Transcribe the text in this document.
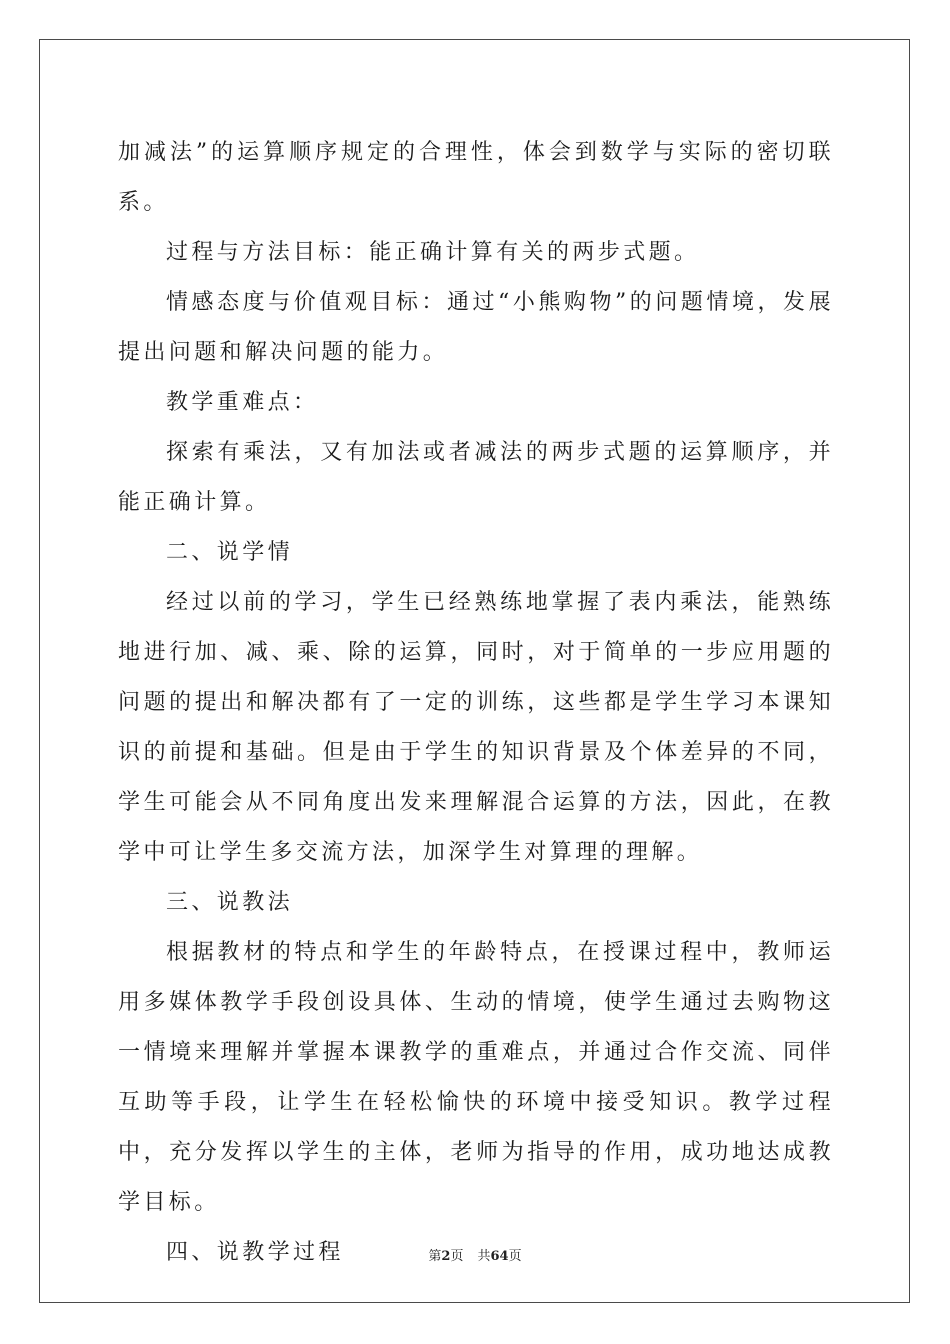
加减法”的运算顺序规定的合理性，体会到数学与实际的密切联系。

过程与方法目标：能正确计算有关的两步式题。

情感态度与价值观目标：通过“小熊购物”的问题情境，发展提出问题和解决问题的能力。

教学重难点：

探索有乘法，又有加法或者减法的两步式题的运算顺序，并能正确计算。

二、说学情

经过以前的学习，学生已经熟练地掌握了表内乘法，能熟练地进行加、减、乘、除的运算，同时，对于简单的一步应用题的问题的提出和解决都有了一定的训练，这些都是学生学习本课知识的前提和基础。但是由于学生的知识背景及个体差异的不同，学生可能会从不同角度出发来理解混合运算的方法，因此，在教学中可让学生多交流方法，加深学生对算理的理解。

三、说教法

根据教材的特点和学生的年龄特点，在授课过程中，教师运用多媒体教学手段创设具体、生动的情境，使学生通过去购物这一情境来理解并掌握本课教学的重难点，并通过合作交流、同伴互助等手段，让学生在轻松愉快的环境中接受知识。教学过程中，充分发挥以学生的主体，老师为指导的作用，成功地达成教学目标。

四、说教学过程	第2页 共64页
